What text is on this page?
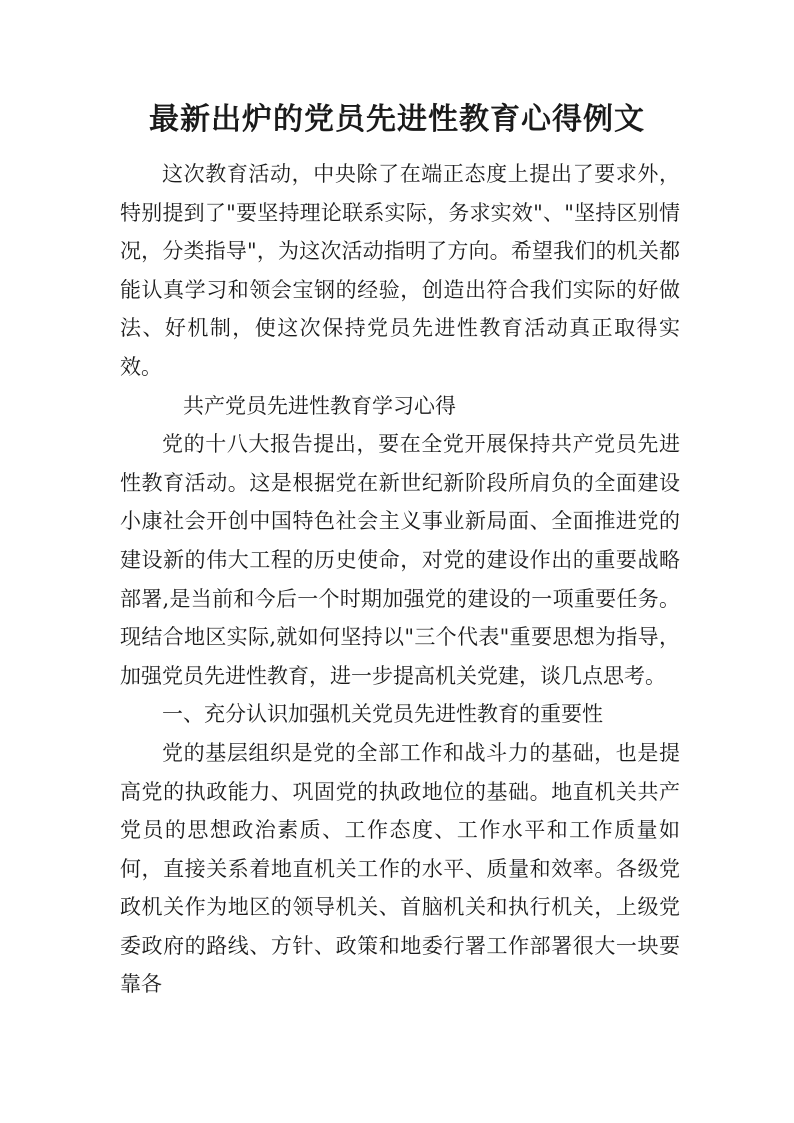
最新出炉的党员先进性教育心得例文

这次教育活动，中央除了在端正态度上提出了要求外，特别提到了"要坚持理论联系实际，务求实效"、"坚持区别情况，分类指导"，为这次活动指明了方向。希望我们的机关都能认真学习和领会宝钢的经验，创造出符合我们实际的好做法、好机制，使这次保持党员先进性教育活动真正取得实效。

共产党员先进性教育学习心得

党的十八大报告提出，要在全党开展保持共产党员先进性教育活动。这是根据党在新世纪新阶段所肩负的全面建设小康社会开创中国特色社会主义事业新局面、全面推进党的建设新的伟大工程的历史使命，对党的建设作出的重要战略部署,是当前和今后一个时期加强党的建设的一项重要任务。现结合地区实际,就如何坚持以"三个代表"重要思想为指导，加强党员先进性教育，进一步提高机关党建，谈几点思考。

一、充分认识加强机关党员先进性教育的重要性

党的基层组织是党的全部工作和战斗力的基础，也是提高党的执政能力、巩固党的执政地位的基础。地直机关共产党员的思想政治素质、工作态度、工作水平和工作质量如何，直接关系着地直机关工作的水平、质量和效率。各级党政机关作为地区的领导机关、首脑机关和执行机关，上级党委政府的路线、方针、政策和地委行署工作部署很大一块要靠各
